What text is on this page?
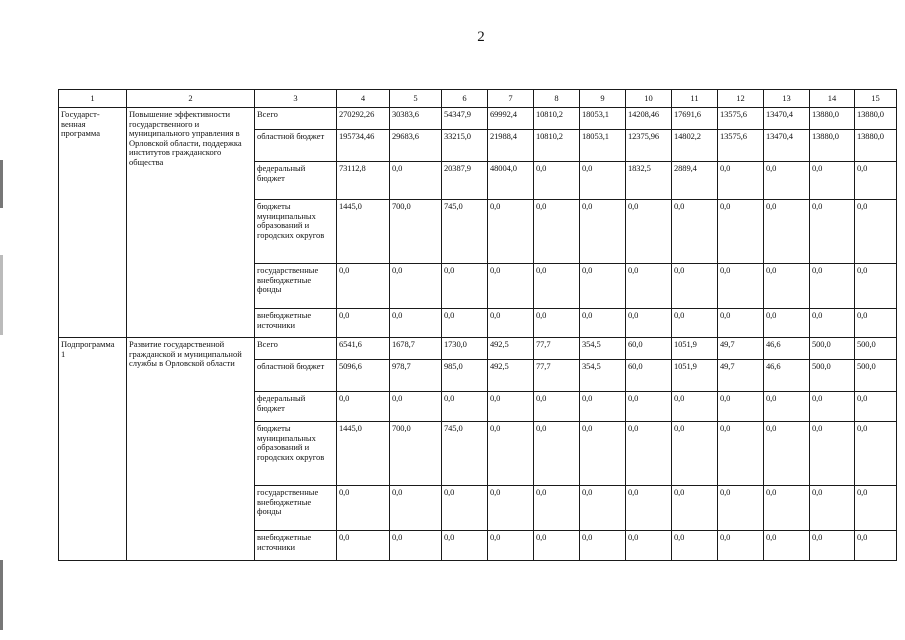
2
1	2	3	4	5	6	7	8	9	10	11	12	13	14	15
Государст-
венная
программа	Повышение эффективности государственного и муниципального управления в Орловской области, поддержка институтов гражданского общества	Всего	270292,26	30383,6	54347,9	69992,4	10810,2	18053,1	14208,46	17691,6	13575,6	13470,4	13880,0	13880,0
		областной бюджет	195734,46	29683,6	33215,0	21988,4	10810,2	18053,1	12375,96	14802,2	13575,6	13470,4	13880,0	13880,0
		федеральный бюджет	73112,8	0,0	20387,9	48004,0	0,0	0,0	1832,5	2889,4	0,0	0,0	0,0	0,0
		бюджеты муниципальных образований и городских округов	1445,0	700,0	745,0	0,0	0,0	0,0	0,0	0,0	0,0	0,0	0,0	0,0
		государственные внебюджетные фонды	0,0	0,0	0,0	0,0	0,0	0,0	0,0	0,0	0,0	0,0	0,0	0,0
		внебюджетные источники	0,0	0,0	0,0	0,0	0,0	0,0	0,0	0,0	0,0	0,0	0,0	0,0
Подпрограмма
1	Развитие государственной гражданской и муниципальной службы в Орловской области	Всего	6541,6	1678,7	1730,0	492,5	77,7	354,5	60,0	1051,9	49,7	46,6	500,0	500,0
		областной бюджет	5096,6	978,7	985,0	492,5	77,7	354,5	60,0	1051,9	49,7	46,6	500,0	500,0
		федеральный бюджет	0,0	0,0	0,0	0,0	0,0	0,0	0,0	0,0	0,0	0,0	0,0	0,0
		бюджеты муниципальных образований и городских округов	1445,0	700,0	745,0	0,0	0,0	0,0	0,0	0,0	0,0	0,0	0,0	0,0
		государственные внебюджетные фонды	0,0	0,0	0,0	0,0	0,0	0,0	0,0	0,0	0,0	0,0	0,0	0,0
		внебюджетные источники	0,0	0,0	0,0	0,0	0,0	0,0	0,0	0,0	0,0	0,0	0,0	0,0
